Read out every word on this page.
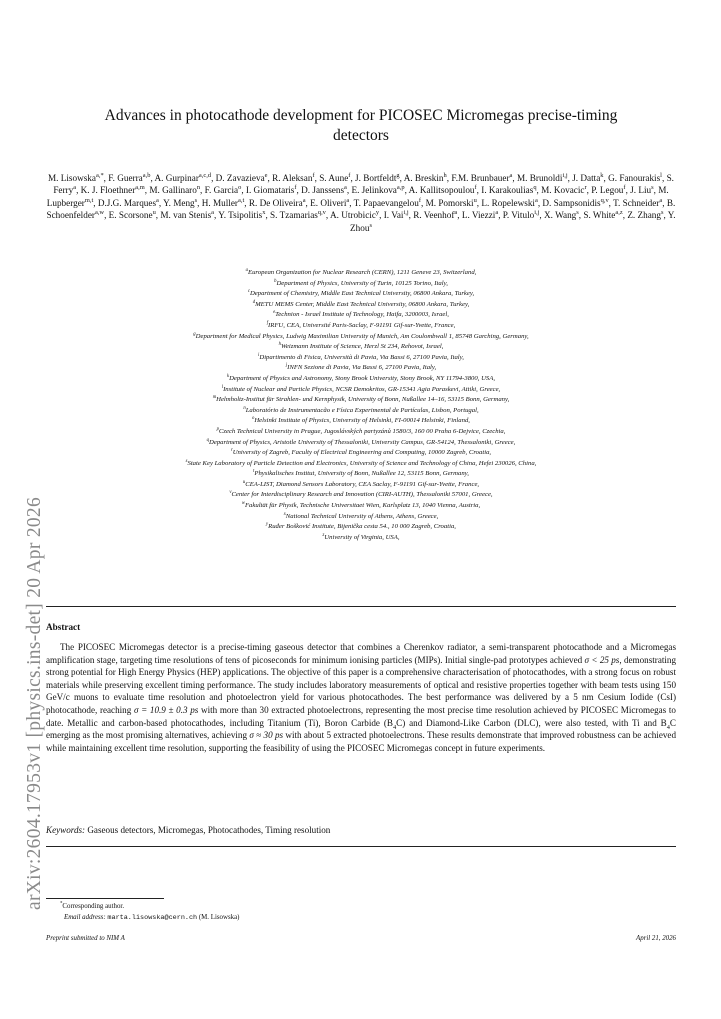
arXiv:2604.17953v1 [physics.ins-det] 20 Apr 2026
Advances in photocathode development for PICOSEC Micromegas precise-timing
detectors
M. Lisowska$^{a,*}$, F. Guerra$^{a,b}$, A. Gurpinar$^{a,c,d}$, D. Zavazieva$^e$, R. Aleksan$^f$, S. Aune$^f$, J. Bortfeldt$^g$, A. Breskin$^h$, F.M. Brunbauer$^a$, M. Brunoldi$^{i,j}$, J. Datta$^k$, G. Fanourakis$^l$, S. Ferry$^a$, K. J. Floethner$^{a,m}$, M. Gallinaro$^n$, F. Garcia$^o$, I. Giomataris$^f$, D. Janssens$^a$, E. Jelinkova$^{a,p}$, A. Kallitsopoulou$^f$, I. Karakoulias$^q$, M. Kovacic$^r$, P. Legou$^f$, J. Liu$^s$, M. Lupberger$^{m,t}$, D.J.G. Marques$^a$, Y. Meng$^s$, H. Muller$^{a,t}$, R. De Oliveira$^a$, E. Oliveri$^a$, T. Papaevangelou$^f$, M. Pomorski$^u$, L. Ropelewski$^a$, D. Sampsonidis$^{q,v}$, T. Schneider$^a$, B. Schoenfelder$^{a,w}$, E. Scorsone$^u$, M. van Stenis$^a$, Y. Tsipolitis$^x$, S. Tzamarias$^{q,v}$, A. Utrobicic$^y$, I. Vai$^{i,j}$, R. Veenhof$^a$, L. Viezzi$^a$, P. Vitulo$^{i,j}$, X. Wang$^s$, S. White$^{a,z}$, Z. Zhang$^s$, Y. Zhou$^s$
$^a$European Organization for Nuclear Research (CERN), 1211 Geneve 23, Switzerland,
$^b$Department of Physics, University of Turin, 10125 Torino, Italy,
$^c$Department of Chemistry, Middle East Technical University, 06800 Ankara, Turkey,
$^d$METU MEMS Center, Middle East Technical University, 06800 Ankara, Turkey,
$^e$Technion - Israel Institute of Technology, Haifa, 3200003, Israel,
$^f$IRFU, CEA, Université Paris-Saclay, F-91191 Gif-sur-Yvette, France,
$^g$Department for Medical Physics, Ludwig Maximilian University of Munich, Am Coulombwall 1, 85748 Garching, Germany,
$^h$Weizmann Institute of Science, Herzl St 234, Rehovot, Israel,
$^i$Dipartimento di Fisica, Università di Pavia, Via Bassi 6, 27100 Pavia, Italy,
$^j$INFN Sezione di Pavia, Via Bassi 6, 27100 Pavia, Italy,
$^k$Department of Physics and Astronomy, Stony Brook University, Stony Brook, NY 11794-3800, USA,
$^l$Institute of Nuclear and Particle Physics, NCSR Demokritos, GR-15341 Agia Paraskevi, Attiki, Greece,
$^m$Helmholtz-Institut für Strahlen- und Kernphysik, University of Bonn, Nußallee 14–16, 53115 Bonn, Germany,
$^n$Laboratório de Instrumentacão e Física Experimental de Partículas, Lisbon, Portugal,
$^o$Helsinki Institute of Physics, University of Helsinki, FI-00014 Helsinki, Finland,
$^p$Czech Technical University in Prague, Jugoslávských partyzánů 1580/3, 160 00 Praha 6-Dejvice, Czechia,
$^q$Department of Physics, Aristotle University of Thessaloniki, University Campus, GR-54124, Thessaloniki, Greece,
$^r$University of Zagreb, Faculty of Electrical Engineering and Computing, 10000 Zagreb, Croatia,
$^s$State Key Laboratory of Particle Detection and Electronics, University of Science and Technology of China, Hefei 230026, China,
$^t$Physikalisches Institut, University of Bonn, Nußallee 12, 53115 Bonn, Germany,
$^u$CEA-LIST, Diamond Sensors Laboratory, CEA Saclay, F-91191 Gif-sur-Yvette, France,
$^v$Center for Interdisciplinary Research and Innovation (CIRI-AUTH), Thessaloniki 57001, Greece,
$^w$Fakultät für Physik, Technische Universitaet Wien, Karlsplatz 13, 1040 Vienna, Austria,
$^x$National Technical University of Athens, Athens, Greece,
$^y$Ruđer Bošković Institute, Bijenička cesta 54., 10 000 Zagreb, Croatia,
$^z$University of Virginia, USA,
Abstract
The PICOSEC Micromegas detector is a precise-timing gaseous detector that combines a Cherenkov radiator, a semi-transparent photocathode and a Micromegas amplification stage, targeting time resolutions of tens of picoseconds for minimum ionising particles (MIPs). Initial single-pad prototypes achieved σ < 25 ps, demonstrating strong potential for High Energy Physics (HEP) applications. The objective of this paper is a comprehensive characterisation of photocathodes, with a strong focus on robust materials while preserving excellent timing performance. The study includes laboratory measurements of optical and resistive properties together with beam tests using 150 GeV/c muons to evaluate time resolution and photoelectron yield for various photocathodes. The best performance was delivered by a 5 nm Cesium Iodide (CsI) photocathode, reaching σ = 10.9 ± 0.3 ps with more than 30 extracted photoelectrons, representing the most precise time resolution achieved by PICOSEC Micromegas to date. Metallic and carbon-based photocathodes, including Titanium (Ti), Boron Carbide $(B_4C)$ and Diamond-Like Carbon (DLC), were also tested, with Ti and $B_4C$ emerging as the most promising alternatives, achieving σ ≈ 30 ps with about 5 extracted photoelectrons. These results demonstrate that improved robustness can be achieved while maintaining excellent time resolution, supporting the feasibility of using the PICOSEC Micromegas concept in future experiments.
Keywords: Gaseous detectors, Micromegas, Photocathodes, Timing resolution
*Corresponding author.
Email address: marta.lisowska@cern.ch (M. Lisowska)
Preprint submitted to NIM A	April 21, 2026
